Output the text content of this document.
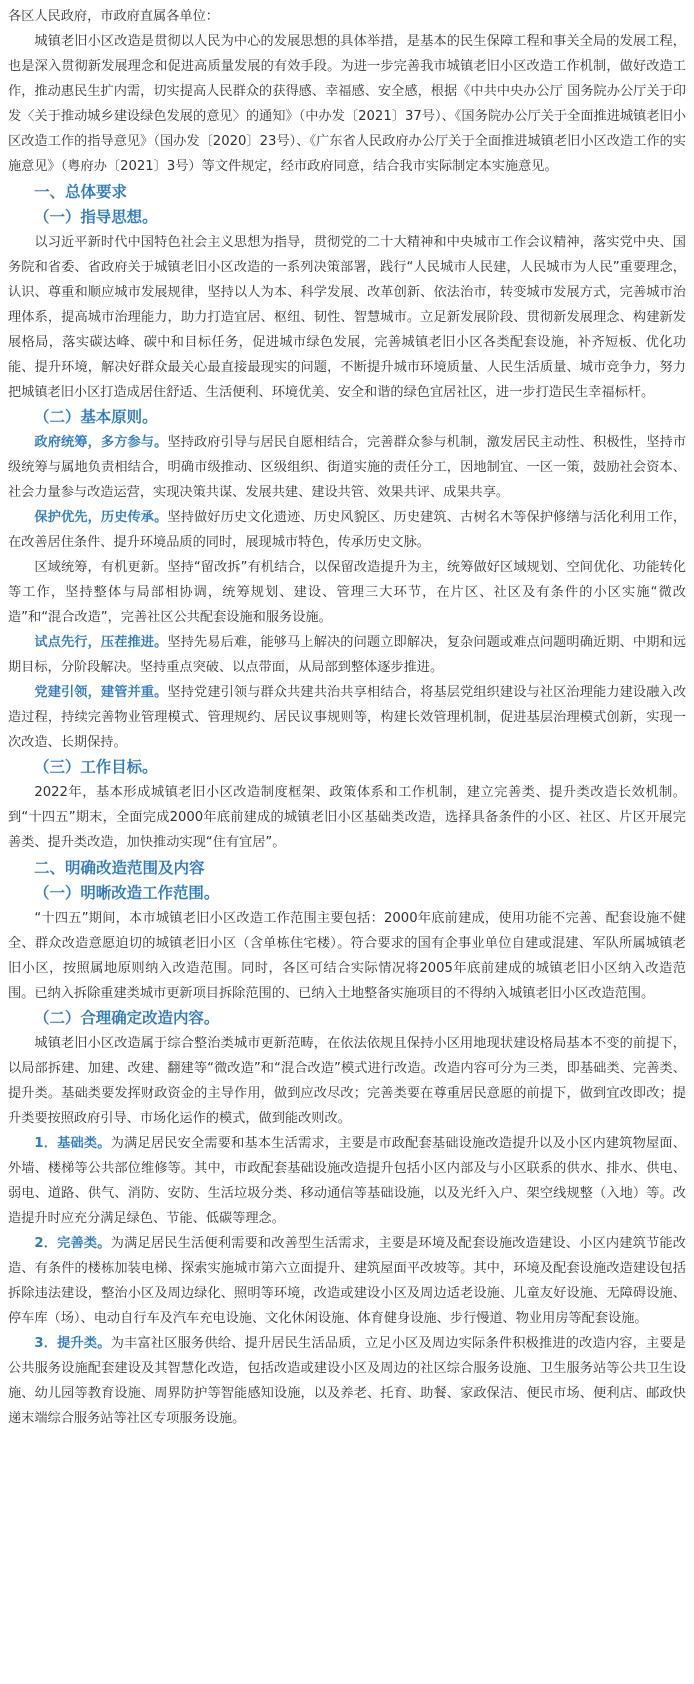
各区人民政府，市政府直属各单位：

城镇老旧小区改造是贯彻以人民为中心的发展思想的具体举措，是基本的民生保障工程和事关全局的发展工程，也是深入贯彻新发展理念和促进高质量发展的有效手段。为进一步完善我市城镇老旧小区改造工作机制，做好改造工作，推动惠民生扩内需，切实提高人民群众的获得感、幸福感、安全感，根据《中共中央办公厅 国务院办公厅关于印发〈关于推动城乡建设绿色发展的意见〉的通知》（中办发〔2021〕37号）、《国务院办公厅关于全面推进城镇老旧小区改造工作的指导意见》（国办发〔2020〕23号）、《广东省人民政府办公厅关于全面推进城镇老旧小区改造工作的实施意见》（粤府办〔2021〕3号）等文件规定，经市政府同意，结合我市实际制定本实施意见。

一、总体要求
（一）指导思想。

以习近平新时代中国特色社会主义思想为指导，贯彻党的二十大精神和中央城市工作会议精神，落实党中央、国务院和省委、省政府关于城镇老旧小区改造的一系列决策部署，践行“人民城市人民建，人民城市为人民”重要理念，认识、尊重和顺应城市发展规律，坚持以人为本、科学发展、改革创新、依法治市，转变城市发展方式，完善城市治理体系，提高城市治理能力，助力打造宜居、枢纽、韧性、智慧城市。立足新发展阶段、贯彻新发展理念、构建新发展格局，落实碳达峰、碳中和目标任务，促进城市绿色发展，完善城镇老旧小区各类配套设施，补齐短板、优化功能、提升环境，解决好群众最关心最直接最现实的问题，不断提升城市环境质量、人民生活质量、城市竞争力，努力把城镇老旧小区打造成居住舒适、生活便利、环境优美、安全和谐的绿色宜居社区，进一步打造民生幸福标杆。

（二）基本原则。

政府统筹，多方参与。坚持政府引导与居民自愿相结合，完善群众参与机制，激发居民主动性、积极性，坚持市级统筹与属地负责相结合，明确市级推动、区级组织、街道实施的责任分工，因地制宜、一区一策，鼓励社会资本、社会力量参与改造运营，实现决策共谋、发展共建、建设共管、效果共评、成果共享。

保护优先，历史传承。坚持做好历史文化遗迹、历史风貌区、历史建筑、古树名木等保护修缮与活化利用工作，在改善居住条件、提升环境品质的同时，展现城市特色，传承历史文脉。

区域统筹，有机更新。坚持“留改拆”有机结合，以保留改造提升为主，统筹做好区域规划、空间优化、功能转化等工作，坚持整体与局部相协调，统筹规划、建设、管理三大环节，在片区、社区及有条件的小区实施“微改造”和“混合改造”，完善社区公共配套设施和服务设施。

试点先行，压茬推进。坚持先易后难，能够马上解决的问题立即解决，复杂问题或难点问题明确近期、中期和远期目标，分阶段解决。坚持重点突破、以点带面，从局部到整体逐步推进。

党建引领，建管并重。坚持党建引领与群众共建共治共享相结合，将基层党组织建设与社区治理能力建设融入改造过程，持续完善物业管理模式、管理规约、居民议事规则等，构建长效管理机制，促进基层治理模式创新，实现一次改造、长期保持。

（三）工作目标。

2022年，基本形成城镇老旧小区改造制度框架、政策体系和工作机制，建立完善类、提升类改造长效机制。到“十四五”期末，全面完成2000年底前建成的城镇老旧小区基础类改造，选择具备条件的小区、社区、片区开展完善类、提升类改造，加快推动实现“住有宜居”。

二、明确改造范围及内容
（一）明晰改造工作范围。

“十四五”期间，本市城镇老旧小区改造工作范围主要包括：2000年底前建成，使用功能不完善、配套设施不健全、群众改造意愿迫切的城镇老旧小区（含单栋住宅楼）。符合要求的国有企事业单位自建或混建、军队所属城镇老旧小区，按照属地原则纳入改造范围。同时，各区可结合实际情况将2005年底前建成的城镇老旧小区纳入改造范围。已纳入拆除重建类城市更新项目拆除范围的、已纳入土地整备实施项目的不得纳入城镇老旧小区改造范围。

（二）合理确定改造内容。

城镇老旧小区改造属于综合整治类城市更新范畴，在依法依规且保持小区用地现状建设格局基本不变的前提下，以局部拆建、加建、改建、翻建等“微改造”和“混合改造”模式进行改造。改造内容可分为三类，即基础类、完善类、提升类。基础类要发挥财政资金的主导作用，做到应改尽改；完善类要在尊重居民意愿的前提下，做到宜改即改；提升类要按照政府引导、市场化运作的模式，做到能改则改。

1．基础类。为满足居民安全需要和基本生活需求，主要是市政配套基础设施改造提升以及小区内建筑物屋面、外墙、楼梯等公共部位维修等。其中，市政配套基础设施改造提升包括小区内部及与小区联系的供水、排水、供电、弱电、道路、供气、消防、安防、生活垃圾分类、移动通信等基础设施，以及光纤入户、架空线规整（入地）等。改造提升时应充分满足绿色、节能、低碳等理念。

2．完善类。为满足居民生活便利需要和改善型生活需求，主要是环境及配套设施改造建设、小区内建筑节能改造、有条件的楼栋加装电梯、探索实施城市第六立面提升、建筑屋面平改坡等。其中，环境及配套设施改造建设包括拆除违法建设，整治小区及周边绿化、照明等环境，改造或建设小区及周边适老设施、儿童友好设施、无障碍设施、停车库（场）、电动自行车及汽车充电设施、文化休闲设施、体育健身设施、步行慢道、物业用房等配套设施。

3．提升类。为丰富社区服务供给、提升居民生活品质，立足小区及周边实际条件积极推进的改造内容，主要是公共服务设施配套建设及其智慧化改造，包括改造或建设小区及周边的社区综合服务设施、卫生服务站等公共卫生设施、幼儿园等教育设施、周界防护等智能感知设施，以及养老、托育、助餐、家政保洁、便民市场、便利店、邮政快递末端综合服务站等社区专项服务设施。
